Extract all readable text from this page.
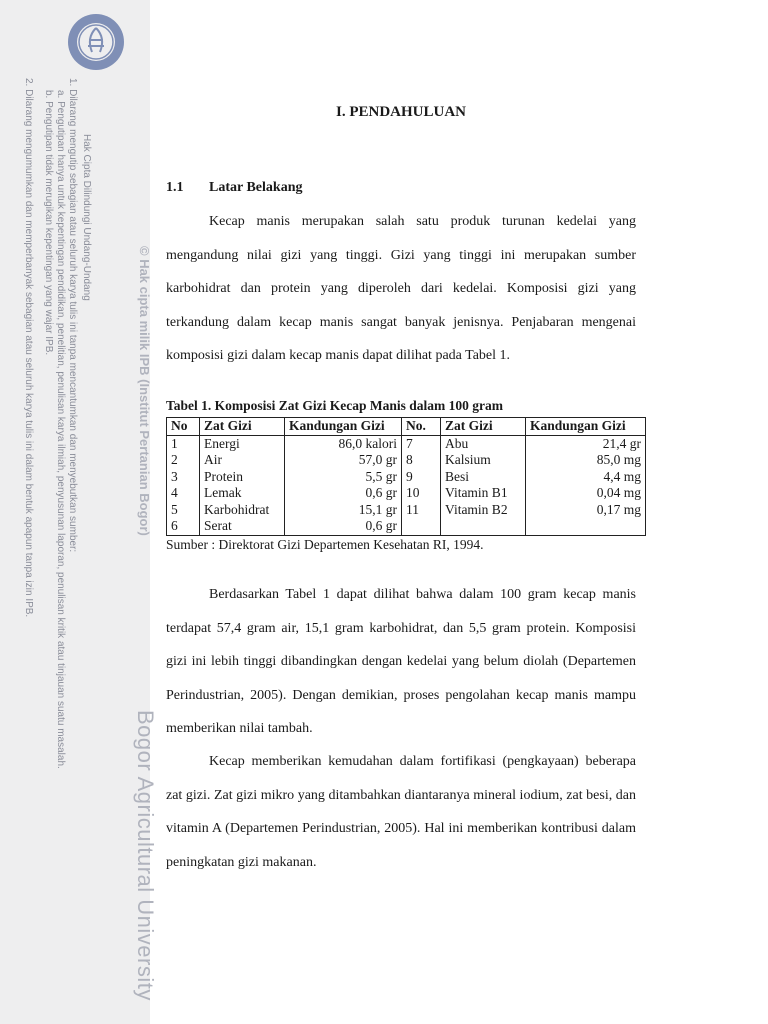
Hak Cipta Dilindungi Undang-Undang
1. Dilarang mengutip sebagian atau seluruh karya tulis ini tanpa mencantumkan dan menyebutkan sumber:
a. Pengutipan hanya untuk kepentingan pendidikan, penelitian, penulisan karya ilmiah, penyusunan laporan, penulisan kritik atau tinjauan suatu masalah.
b. Pengutipan tidak merugikan kepentingan yang wajar IPB.
2. Dilarang mengumumkan dan memperbanyak sebagian atau seluruh karya tulis ini dalam bentuk apapun tanpa izin IPB.	© Hak cipta milik IPB (Institut Pertanian Bogor)
Bogor Agricultural University
I. PENDAHULUAN
1.1 Latar Belakang

Kecap manis merupakan salah satu produk turunan kedelai yang mengandung nilai gizi yang tinggi. Gizi yang tinggi ini merupakan sumber karbohidrat dan protein yang diperoleh dari kedelai. Komposisi gizi yang terkandung dalam kecap manis sangat banyak jenisnya. Penjabaran mengenai komposisi gizi dalam kecap manis dapat dilihat pada Tabel 1.

Tabel 1. Komposisi Zat Gizi Kecap Manis dalam 100 gram
No	Zat Gizi	Kandungan Gizi	No.	Zat Gizi	Kandungan Gizi
1	Energi	86,0 kalori	7	Abu	21,4 gr
2	Air	57,0 gr	8	Kalsium	85,0 mg
3	Protein	5,5 gr	9	Besi	4,4 mg
4	Lemak	0,6 gr	10	Vitamin B1	0,04 mg
5	Karbohidrat	15,1 gr	11	Vitamin B2	0,17 mg
6	Serat	0,6 gr			
Sumber : Direktorat Gizi Departemen Kesehatan RI, 1994.

Berdasarkan Tabel 1 dapat dilihat bahwa dalam 100 gram kecap manis terdapat 57,4 gram air, 15,1 gram karbohidrat, dan 5,5 gram protein. Komposisi gizi ini lebih tinggi dibandingkan dengan kedelai yang belum diolah (Departemen Perindustrian, 2005). Dengan demikian, proses pengolahan kecap manis mampu memberikan nilai tambah.

Kecap memberikan kemudahan dalam fortifikasi (pengkayaan) beberapa zat gizi. Zat gizi mikro yang ditambahkan diantaranya mineral iodium, zat besi, dan vitamin A (Departemen Perindustrian, 2005). Hal ini memberikan kontribusi dalam peningkatan gizi makanan.
